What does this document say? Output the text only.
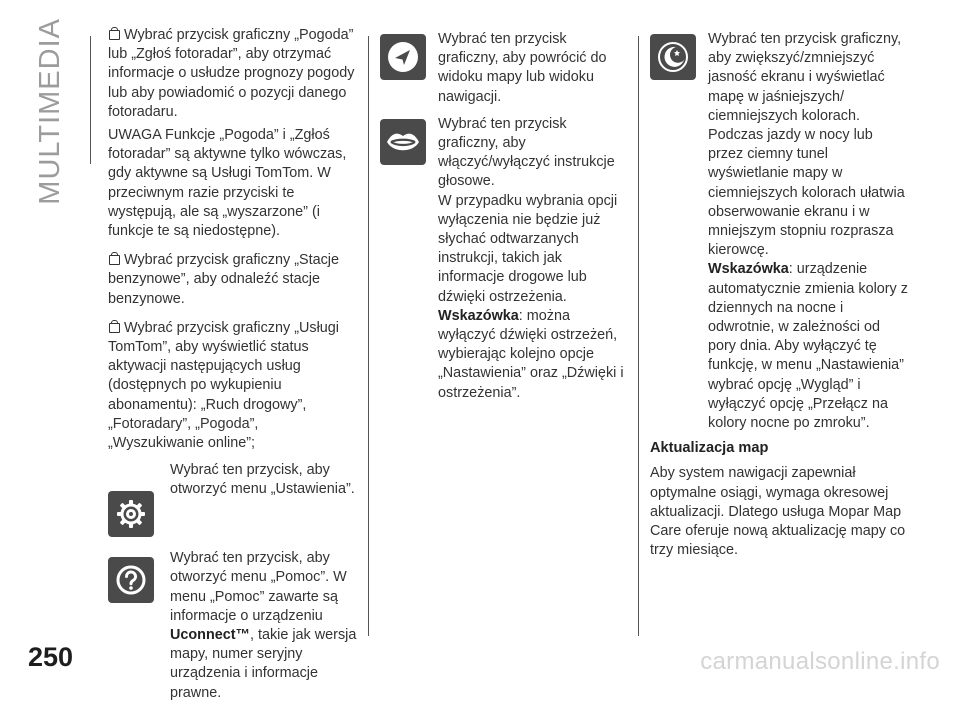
MULTIMEDIA	Wybrać przycisk graficzny „Pogoda” lub „Zgłoś fotoradar”, aby otrzymać informacje o usłudze prognozy pogody lub aby powiadomić o pozycji danego fotoradaru.

UWAGA Funkcje „Pogoda” i „Zgłoś fotoradar” są aktywne tylko wówczas, gdy aktywne są Usługi TomTom. W przeciwnym razie przyciski te występują, ale są „wyszarzone” (i funkcje te są niedostępne).

Wybrać przycisk graficzny „Stacje benzynowe”, aby odnaleźć stacje benzynowe.

Wybrać przycisk graficzny „Usługi TomTom”, aby wyświetlić status aktywacji następujących usług (dostępnych po wykupieniu abonamentu): „Ruch drogowy”, „Fotoradary”, „Pogoda”, „Wyszukiwanie online”;

Wybrać ten przycisk, aby otworzyć menu „Ustawienia”.
Wybrać ten przycisk, aby otworzyć menu „Pomoc”. W menu „Pomoc” zawarte są informacje o urządzeniu Uconnect™, takie jak wersja mapy, numer seryjny urządzenia i informacje prawne.
Wybrać ten przycisk graficzny, aby powrócić do widoku mapy lub widoku nawigacji.
Wybrać ten przycisk graficzny, aby włączyć/wyłączyć instrukcje głosowe.
W przypadku wybrania opcji wyłączenia nie będzie już słychać odtwarzanych instrukcji, takich jak informacje drogowe lub dźwięki ostrzeżenia. Wskazówka: można wyłączyć dźwięki ostrzeżeń, wybierając kolejno opcje „Nastawienia” oraz „Dźwięki i ostrzeżenia”.
Wybrać ten przycisk graficzny, aby zwiększyć/zmniejszyć jasność ekranu i wyświetlać mapę w jaśniejszych/ ciemniejszych kolorach. Podczas jazdy w nocy lub przez ciemny tunel wyświetlanie mapy w ciemniejszych kolorach ułatwia obserwowanie ekranu i w mniejszym stopniu rozprasza kierowcę.
Wskazówka: urządzenie automatycznie zmienia kolory z dziennych na nocne i odwrotnie, w zależności od pory dnia. Aby wyłączyć tę funkcję, w menu „Nastawienia” wybrać opcję „Wygląd” i wyłączyć opcję „Przełącz na kolory nocne po zmroku”.
Aktualizacja map

Aby system nawigacji zapewniał optymalne osiągi, wymaga okresowej aktualizacji. Dlatego usługa Mopar Map Care oferuje nową aktualizację mapy co trzy miesiące.

250	carmanualsonline.info
